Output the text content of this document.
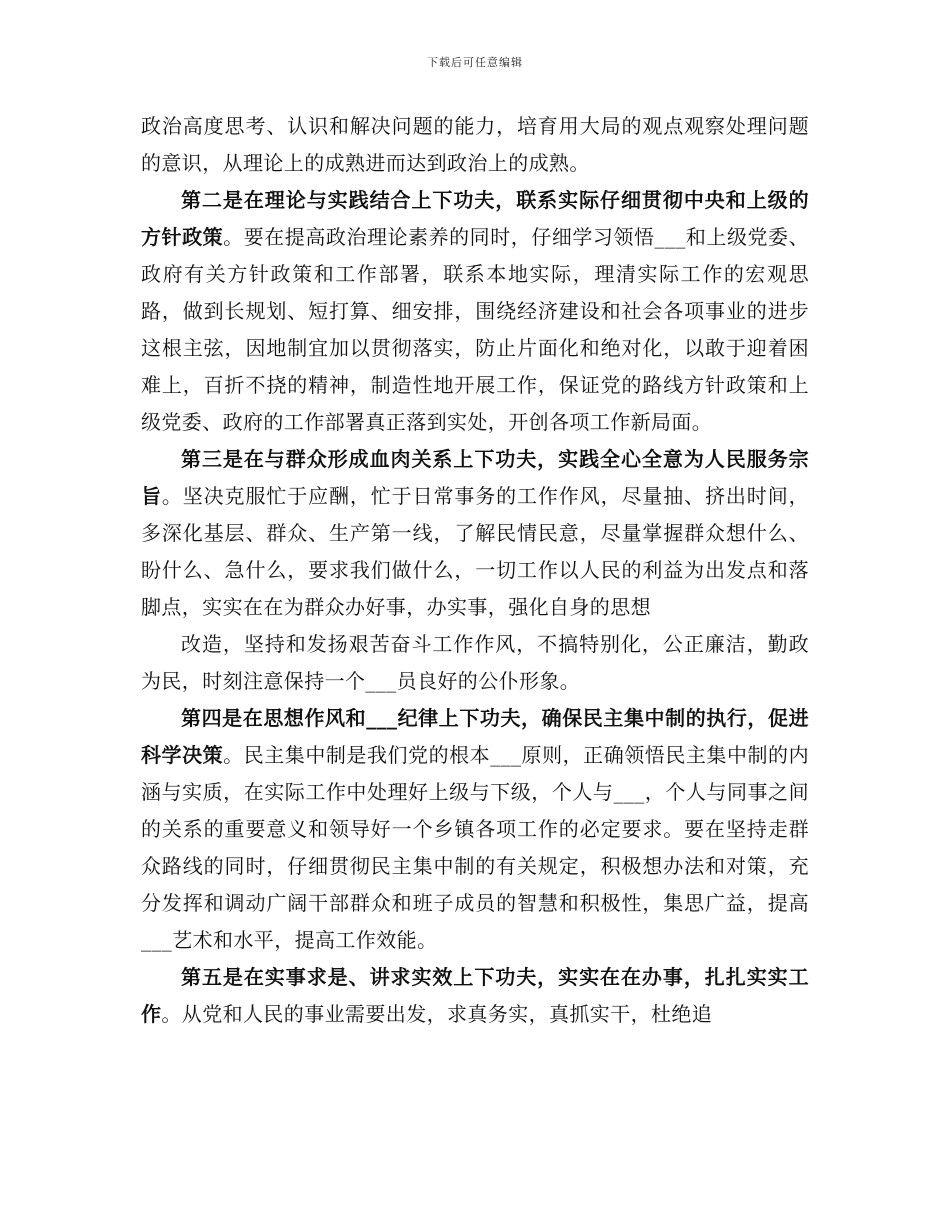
下载后可任意编辑

政治高度思考、认识和解决问题的能力，培育用大局的观点观察处理问题的意识，从理论上的成熟进而达到政治上的成熟。

第二是在理论与实践结合上下功夫，联系实际仔细贯彻中央和上级的方针政策。要在提高政治理论素养的同时，仔细学习领悟___和上级党委、政府有关方针政策和工作部署，联系本地实际，理清实际工作的宏观思路，做到长规划、短打算、细安排，围绕经济建设和社会各项事业的进步这根主弦，因地制宜加以贯彻落实，防止片面化和绝对化，以敢于迎着困难上，百折不挠的精神，制造性地开展工作，保证党的路线方针政策和上级党委、政府的工作部署真正落到实处，开创各项工作新局面。

第三是在与群众形成血肉关系上下功夫，实践全心全意为人民服务宗旨。坚决克服忙于应酬，忙于日常事务的工作作风，尽量抽、挤出时间，多深化基层、群众、生产第一线，了解民情民意，尽量掌握群众想什么、盼什么、急什么，要求我们做什么，一切工作以人民的利益为出发点和落脚点，实实在在为群众办好事，办实事，强化自身的思想

改造，坚持和发扬艰苦奋斗工作作风，不搞特别化，公正廉洁，勤政为民，时刻注意保持一个___员良好的公仆形象。

第四是在思想作风和___纪律上下功夫，确保民主集中制的执行，促进科学决策。民主集中制是我们党的根本___原则，正确领悟民主集中制的内涵与实质，在实际工作中处理好上级与下级，个人与___，个人与同事之间的关系的重要意义和领导好一个乡镇各项工作的必定要求。要在坚持走群众路线的同时，仔细贯彻民主集中制的有关规定，积极想办法和对策，充分发挥和调动广阔干部群众和班子成员的智慧和积极性，集思广益，提高___艺术和水平，提高工作效能。

第五是在实事求是、讲求实效上下功夫，实实在在办事，扎扎实实工作。从党和人民的事业需要出发，求真务实，真抓实干，杜绝追
